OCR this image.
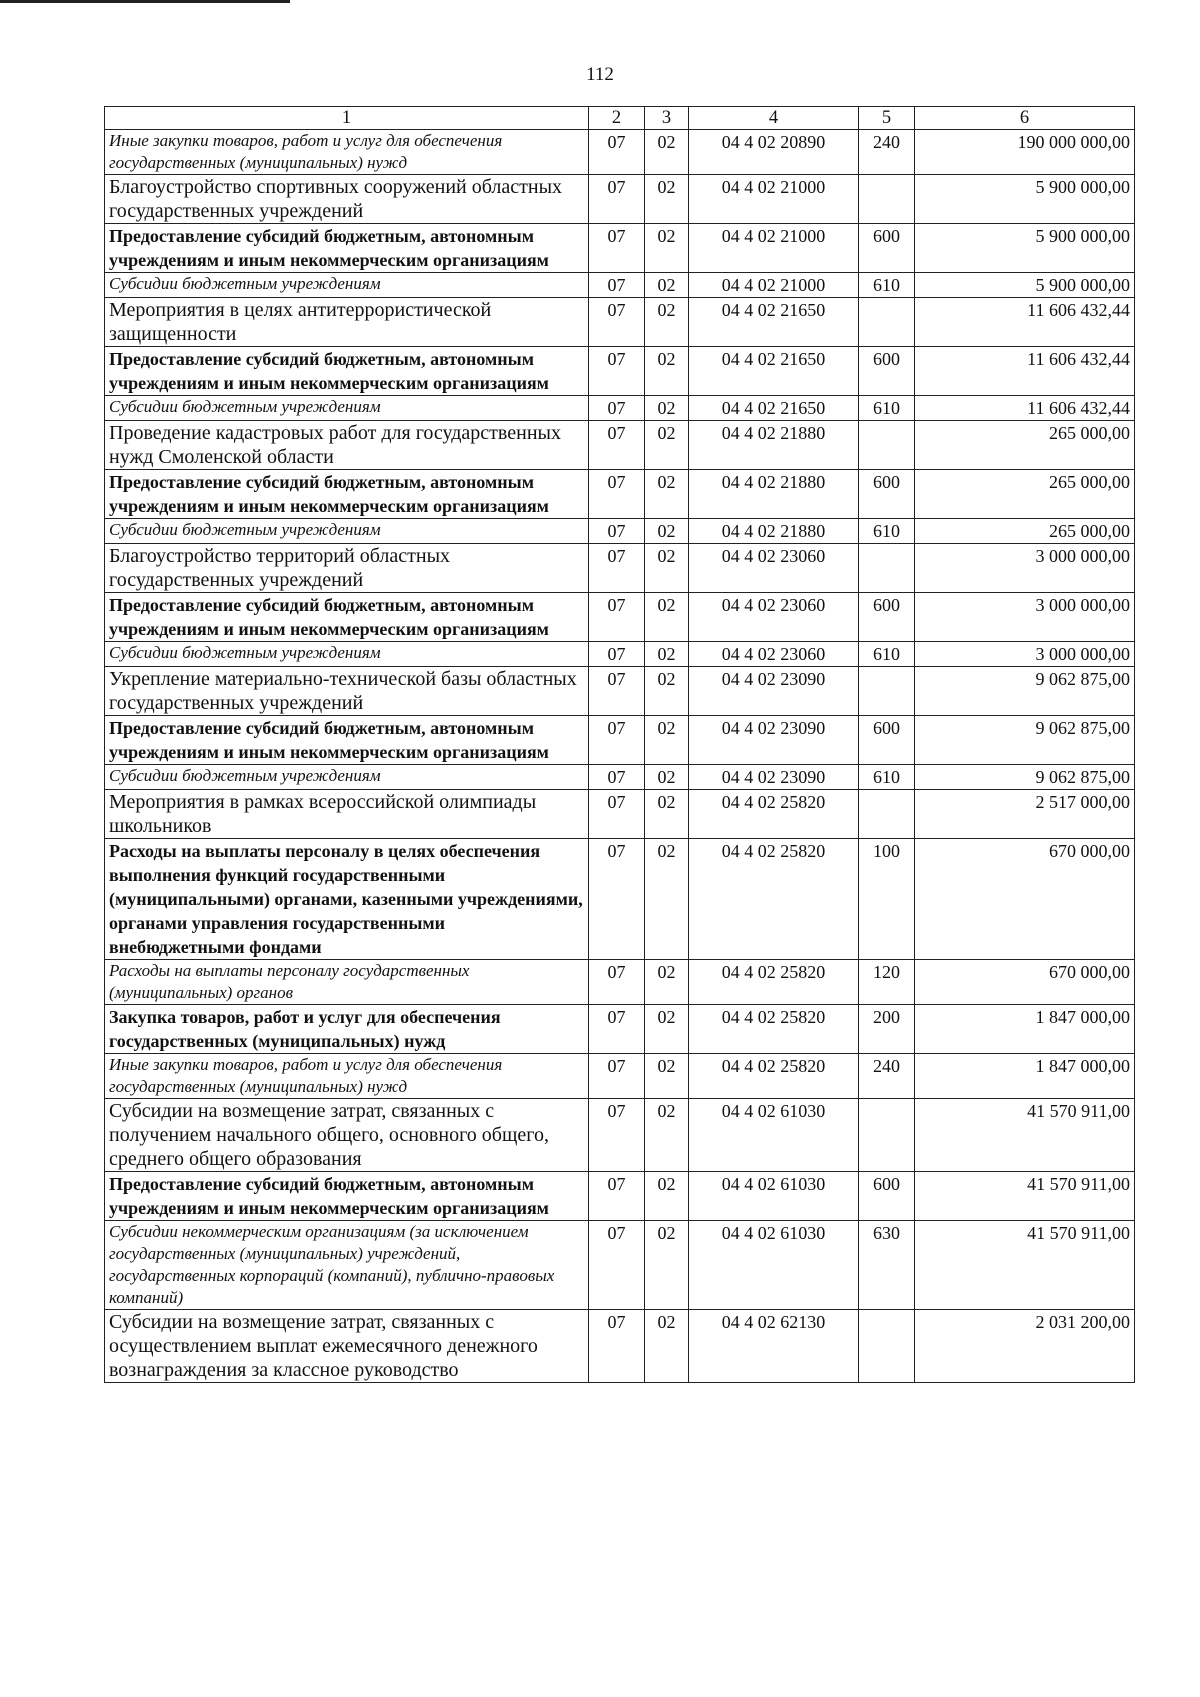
112
1	2	3	4	5	6
Иные закупки товаров, работ и услуг для обеспечения государственных (муниципальных) нужд	07	02	04 4 02 20890	240	190 000 000,00
Благоустройство спортивных сооружений областных государственных учреждений	07	02	04 4 02 21000		5 900 000,00
Предоставление субсидий бюджетным, автономным учреждениям и иным некоммерческим организациям	07	02	04 4 02 21000	600	5 900 000,00
Субсидии бюджетным учреждениям	07	02	04 4 02 21000	610	5 900 000,00
Мероприятия в целях антитеррористической защищенности	07	02	04 4 02 21650		11 606 432,44
Предоставление субсидий бюджетным, автономным учреждениям и иным некоммерческим организациям	07	02	04 4 02 21650	600	11 606 432,44
Субсидии бюджетным учреждениям	07	02	04 4 02 21650	610	11 606 432,44
Проведение кадастровых работ для государственных нужд Смоленской области	07	02	04 4 02 21880		265 000,00
Предоставление субсидий бюджетным, автономным учреждениям и иным некоммерческим организациям	07	02	04 4 02 21880	600	265 000,00
Субсидии бюджетным учреждениям	07	02	04 4 02 21880	610	265 000,00
Благоустройство территорий областных государственных учреждений	07	02	04 4 02 23060		3 000 000,00
Предоставление субсидий бюджетным, автономным учреждениям и иным некоммерческим организациям	07	02	04 4 02 23060	600	3 000 000,00
Субсидии бюджетным учреждениям	07	02	04 4 02 23060	610	3 000 000,00
Укрепление материально-технической базы областных государственных учреждений	07	02	04 4 02 23090		9 062 875,00
Предоставление субсидий бюджетным, автономным учреждениям и иным некоммерческим организациям	07	02	04 4 02 23090	600	9 062 875,00
Субсидии бюджетным учреждениям	07	02	04 4 02 23090	610	9 062 875,00
Мероприятия в рамках всероссийской олимпиады школьников	07	02	04 4 02 25820		2 517 000,00
Расходы на выплаты персоналу в целях обеспечения выполнения функций государственными (муниципальными) органами, казенными учреждениями, органами управления государственными внебюджетными фондами	07	02	04 4 02 25820	100	670 000,00
Расходы на выплаты персоналу государственных (муниципальных) органов	07	02	04 4 02 25820	120	670 000,00
Закупка товаров, работ и услуг для обеспечения государственных (муниципальных) нужд	07	02	04 4 02 25820	200	1 847 000,00
Иные закупки товаров, работ и услуг для обеспечения государственных (муниципальных) нужд	07	02	04 4 02 25820	240	1 847 000,00
Субсидии на возмещение затрат, связанных с получением начального общего, основного общего, среднего общего образования	07	02	04 4 02 61030		41 570 911,00
Предоставление субсидий бюджетным, автономным учреждениям и иным некоммерческим организациям	07	02	04 4 02 61030	600	41 570 911,00
Субсидии некоммерческим организациям (за исключением государственных (муниципальных) учреждений, государственных корпораций (компаний), публично-правовых компаний)	07	02	04 4 02 61030	630	41 570 911,00
Субсидии на возмещение затрат, связанных с осуществлением выплат ежемесячного денежного вознаграждения за классное руководство	07	02	04 4 02 62130		2 031 200,00
